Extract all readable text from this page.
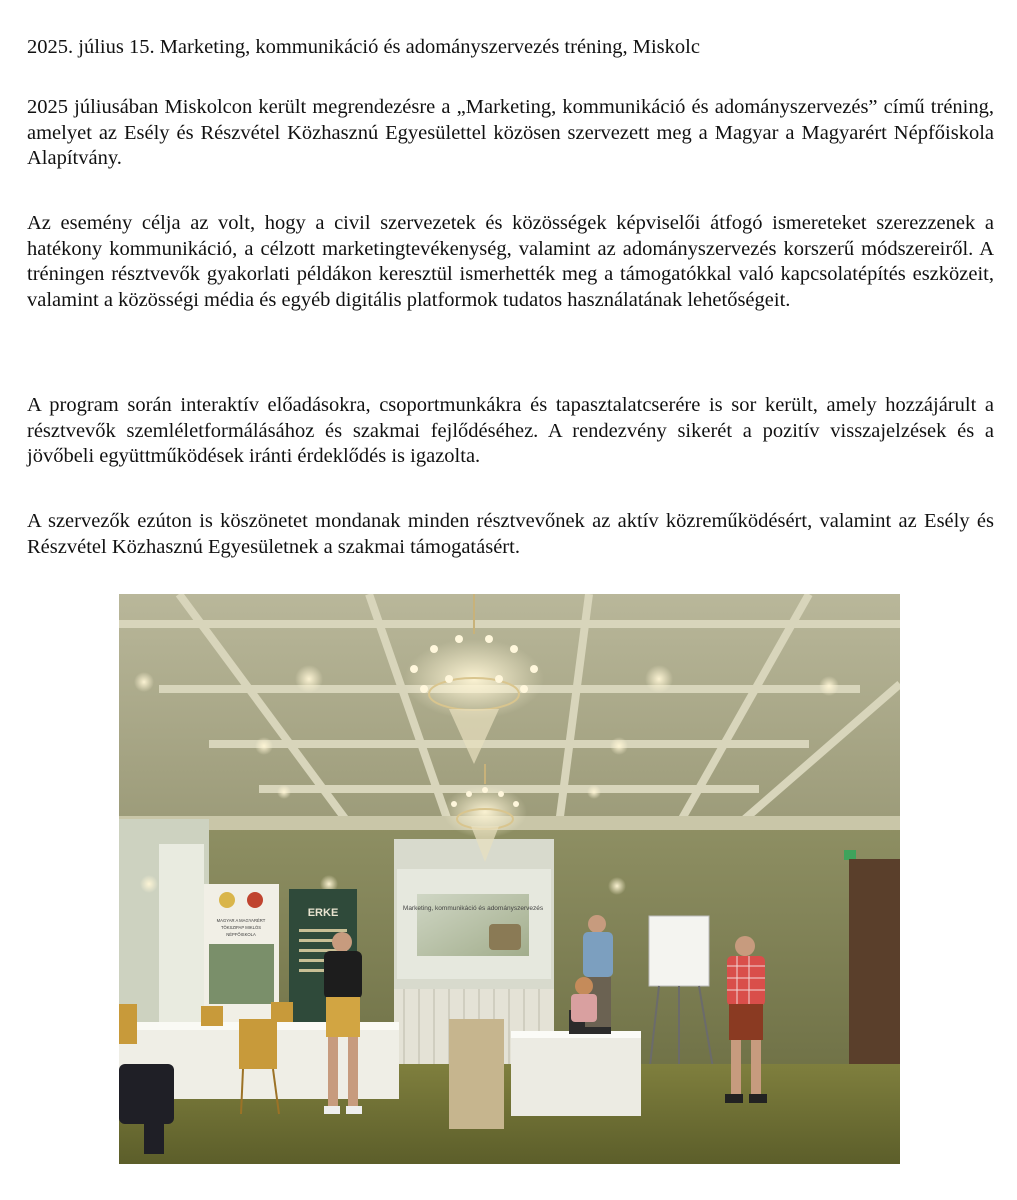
2025. július 15. Marketing, kommunikáció és adományszervezés tréning, Miskolc

2025 júliusában Miskolcon került megrendezésre a „Marketing, kommunikáció és adományszervezés” című tréning, amelyet az Esély és Részvétel Közhasznú Egyesülettel közösen szervezett meg a Magyar a Magyarért Népfőiskola Alapítvány.

Az esemény célja az volt, hogy a civil szervezetek és közösségek képviselői átfogó ismereteket szerezzenek a hatékony kommunikáció, a célzott marketingtevékenység, valamint az adományszervezés korszerű módszereiről. A tréningen résztvevők gyakorlati példákon keresztül ismerhették meg a támogatókkal való kapcsolatépítés eszközeit, valamint a közösségi média és egyéb digitális platformok tudatos használatának lehetőségeit.

A program során interaktív előadásokra, csoportmunkákra és tapasztalatcserére is sor került, amely hozzájárult a résztvevők szemléletformálásához és szakmai fejlődéséhez. A rendezvény sikerét a pozitív visszajelzések és a jövőbeli együttműködések iránti érdeklődés is igazolta.

A szervezők ezúton is köszönetet mondanak minden résztvevőnek az aktív közreműködésért, valamint az Esély és Részvétel Közhasznú Egyesületnek a szakmai támogatásért.

Marketing, kommunikáció és adományszervezés
MAGYAR A MAGYARÉRT
TÖKSZIPAP MIKLÓS
NÉPFŐISKOLA
ERKE
